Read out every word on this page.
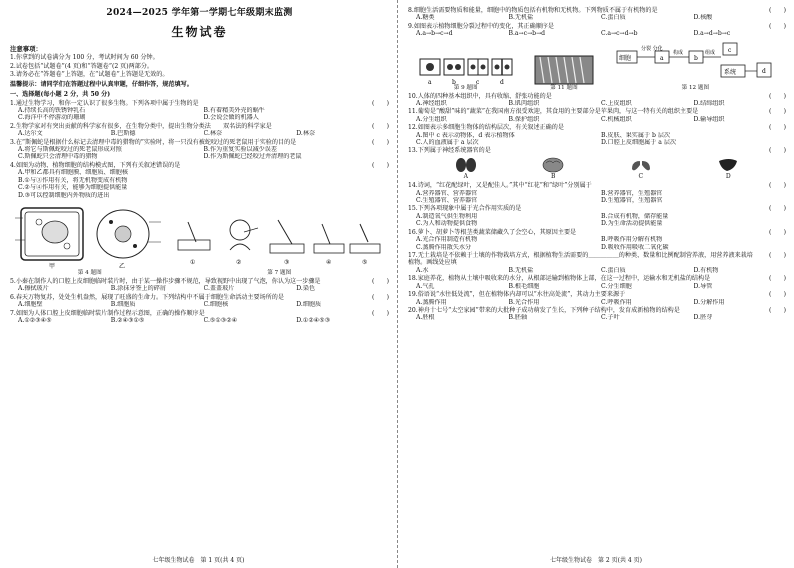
2024—2025 学年第一学期七年级期末监测
生物试卷
注意事项：
1.你拿到的试卷满分为 100 分，考试时间为 60 分钟。
2.试卷包括“试题卷”(4 页)和“答题卷”(2 页)两部分。
3.请务必在“答题卷”上答题，在“试题卷”上答题是无效的。
温馨提示：请同学们在答题过程中认真审题，仔细作答，规范填写。
一、选择题(每小题 2 分，共 50 分)
1.通过生物学习，和你一定认识了很多生物。下列各项中属于生物的是	(　　)
A.持续长高的铁锈钟乳石	B.有着精美外壳的蜗牛
C.海洋中不停游动的珊瑚	D.会说会做的机器人
2.生物学家对有突出贡献的科学家有很多，在生物分类中，提出生物分类法　　双名法的科学家是	(　　)
A.达尔文	B.巴斯德	C.林奈	D.林奈
3.在“斯佩蛇是根据什么标记去清理中毒的猎物的”实验时，将一只没有被蛇咬过的死老鼠用于实验的目的是	(　　)
A.将它与斯佩蛇咬过的死老鼠形成对照	B.作为重复实验以减少误差
C.斯佩蛇只会清理中毒的猎物	D.作为斯佩蛇已经咬过并清理的老鼠
4.如图为动物、植物细胞的结构模式图，下列有关叙述错误的是	(　　)
A.甲和乙都具有细胞膜、细胞质、细胞核
B.①与③作用有关，将无机物变成有机物
C.②与④作用有关，能够为细胞提供能量
D.③可以控制细胞内外物质的进出
甲	乙
第 4 题图
①	②	③	④	⑤
第 7 题图
5.小秦在制作人的口腔上皮细胞临时装片时，由于某一操作步骤不规范，导致视野中出现了气泡，你认为这一步骤是	(　　)
A.擦拭玻片	B.涂抹牙签上的碎屑	C.盖盖玻片	D.染色
6.春天万物复苏，处处生机盎然，展现了旺盛的生命力。下列结构中不属于细胞生命活动主要场所的是	(　　)
A.细胞壁	B.细胞质	C.细胞核	D.细胞质
7.如图为人体口腔上皮细胞临时装片制作过程示意图，正确的操作顺序是	(　　)
A.①②③④⑤	B.②④③①⑤	C.⑤①③②④	D.①②④⑤③
七年级生物试卷　第 1 页(共 4 页)
8.细胞生活需要物质和能量，细胞中的物质包括有机物和无机物。下列物质不属于有机物的是	(　　)
A.糖类	B.无机盐	C.蛋白质	D.核酸
9.如图表示植物细胞分裂过程中的变化，其正确顺序是	(　　)
A.a→b→c→d	B.a→c→b→d	C.a→c→d→b	D.a→d→b→c
a	b	c	d
第 9 题图	第 11 题图
细胞
分裂 分化
a
构成
b
组成 c
系统	d
第 12 题图
10.人体的四种基本组织中，具有收缩、舒张功能的是	(　　)
A.神经组织	B.肌肉组织	C.上皮组织	D.结缔组织
11.葡萄是“酸甜”味的“蔬菜”在我国南方很受欢迎，其食用的主要部分是苹果肉，与这一特有关的组织主要是	(　　)
A.分生组织	B.保护组织	C.机械组织	D.输导组织
12.如图表示多细胞生物体的结构层次，有关叙述正确的是	(　　)
A.图中 c 表示动物体，d 表示植物体	B.皮肤、果实属于 b 层次
C.人的血液属于 a 层次	D.口腔上皮细胞属于 a 层次
13.下列属于神经系统器官的是	(　　)
A	B	C	D
14.诗词，“红花配绿叶，又是配佳人。”其中“红花”和“绿叶”分别属于	(　　)
A.营养器官、营养器官	B.营养器官，生殖器官
C.生殖器官、营养器官	D.生殖器官，生殖器官
15.下列各项现象中属于光合作用实质的是	(　　)
A.制造氧气供生物利用	B.合成有机物，储存能量
C.为人和动物提供食物	D.为生命活动提供能量
16.萝卜、胡萝卜等根茎类蔬菜储藏久了会空心，其原因主要是	(　　)
A.光合作用制造有机物	B.呼吸作用分解有机物
C.蒸腾作用散失水分	D.吸收作用吸收二氧化碳
17.无土栽培是不依赖于土壤的作物栽培方式，根据植物生活需要的＿＿＿＿＿的种类、数量和比例配制营养液，用营养液来栽培植物。画线处应填
(　　)
A.水	B.无机盐	C.蛋白质	D.有机物
18.家庭养花，植物从土壤中吸收来的水分，从根部运输到植物体上部，在这一过程中，运输水和无机盐的结构是	(　　)
A.气孔	B.根毛细胞	C.分生细胞	D.导管
19.俗语说“水往低处流”，但在植物体内却可以“水往高处流”，其动力主要来源于	(　　)
A.蒸腾作用	B.光合作用	C.呼吸作用	D.分解作用
20.神舟十七号“太空家园”带来的大批种子成功萌发了生长，下列种子结构中，发育成新植物的结构是	(　　)
A.胚根	B.胚轴	C.子叶	D.胚芽
七年级生物试卷　第 2 页(共 4 页)
